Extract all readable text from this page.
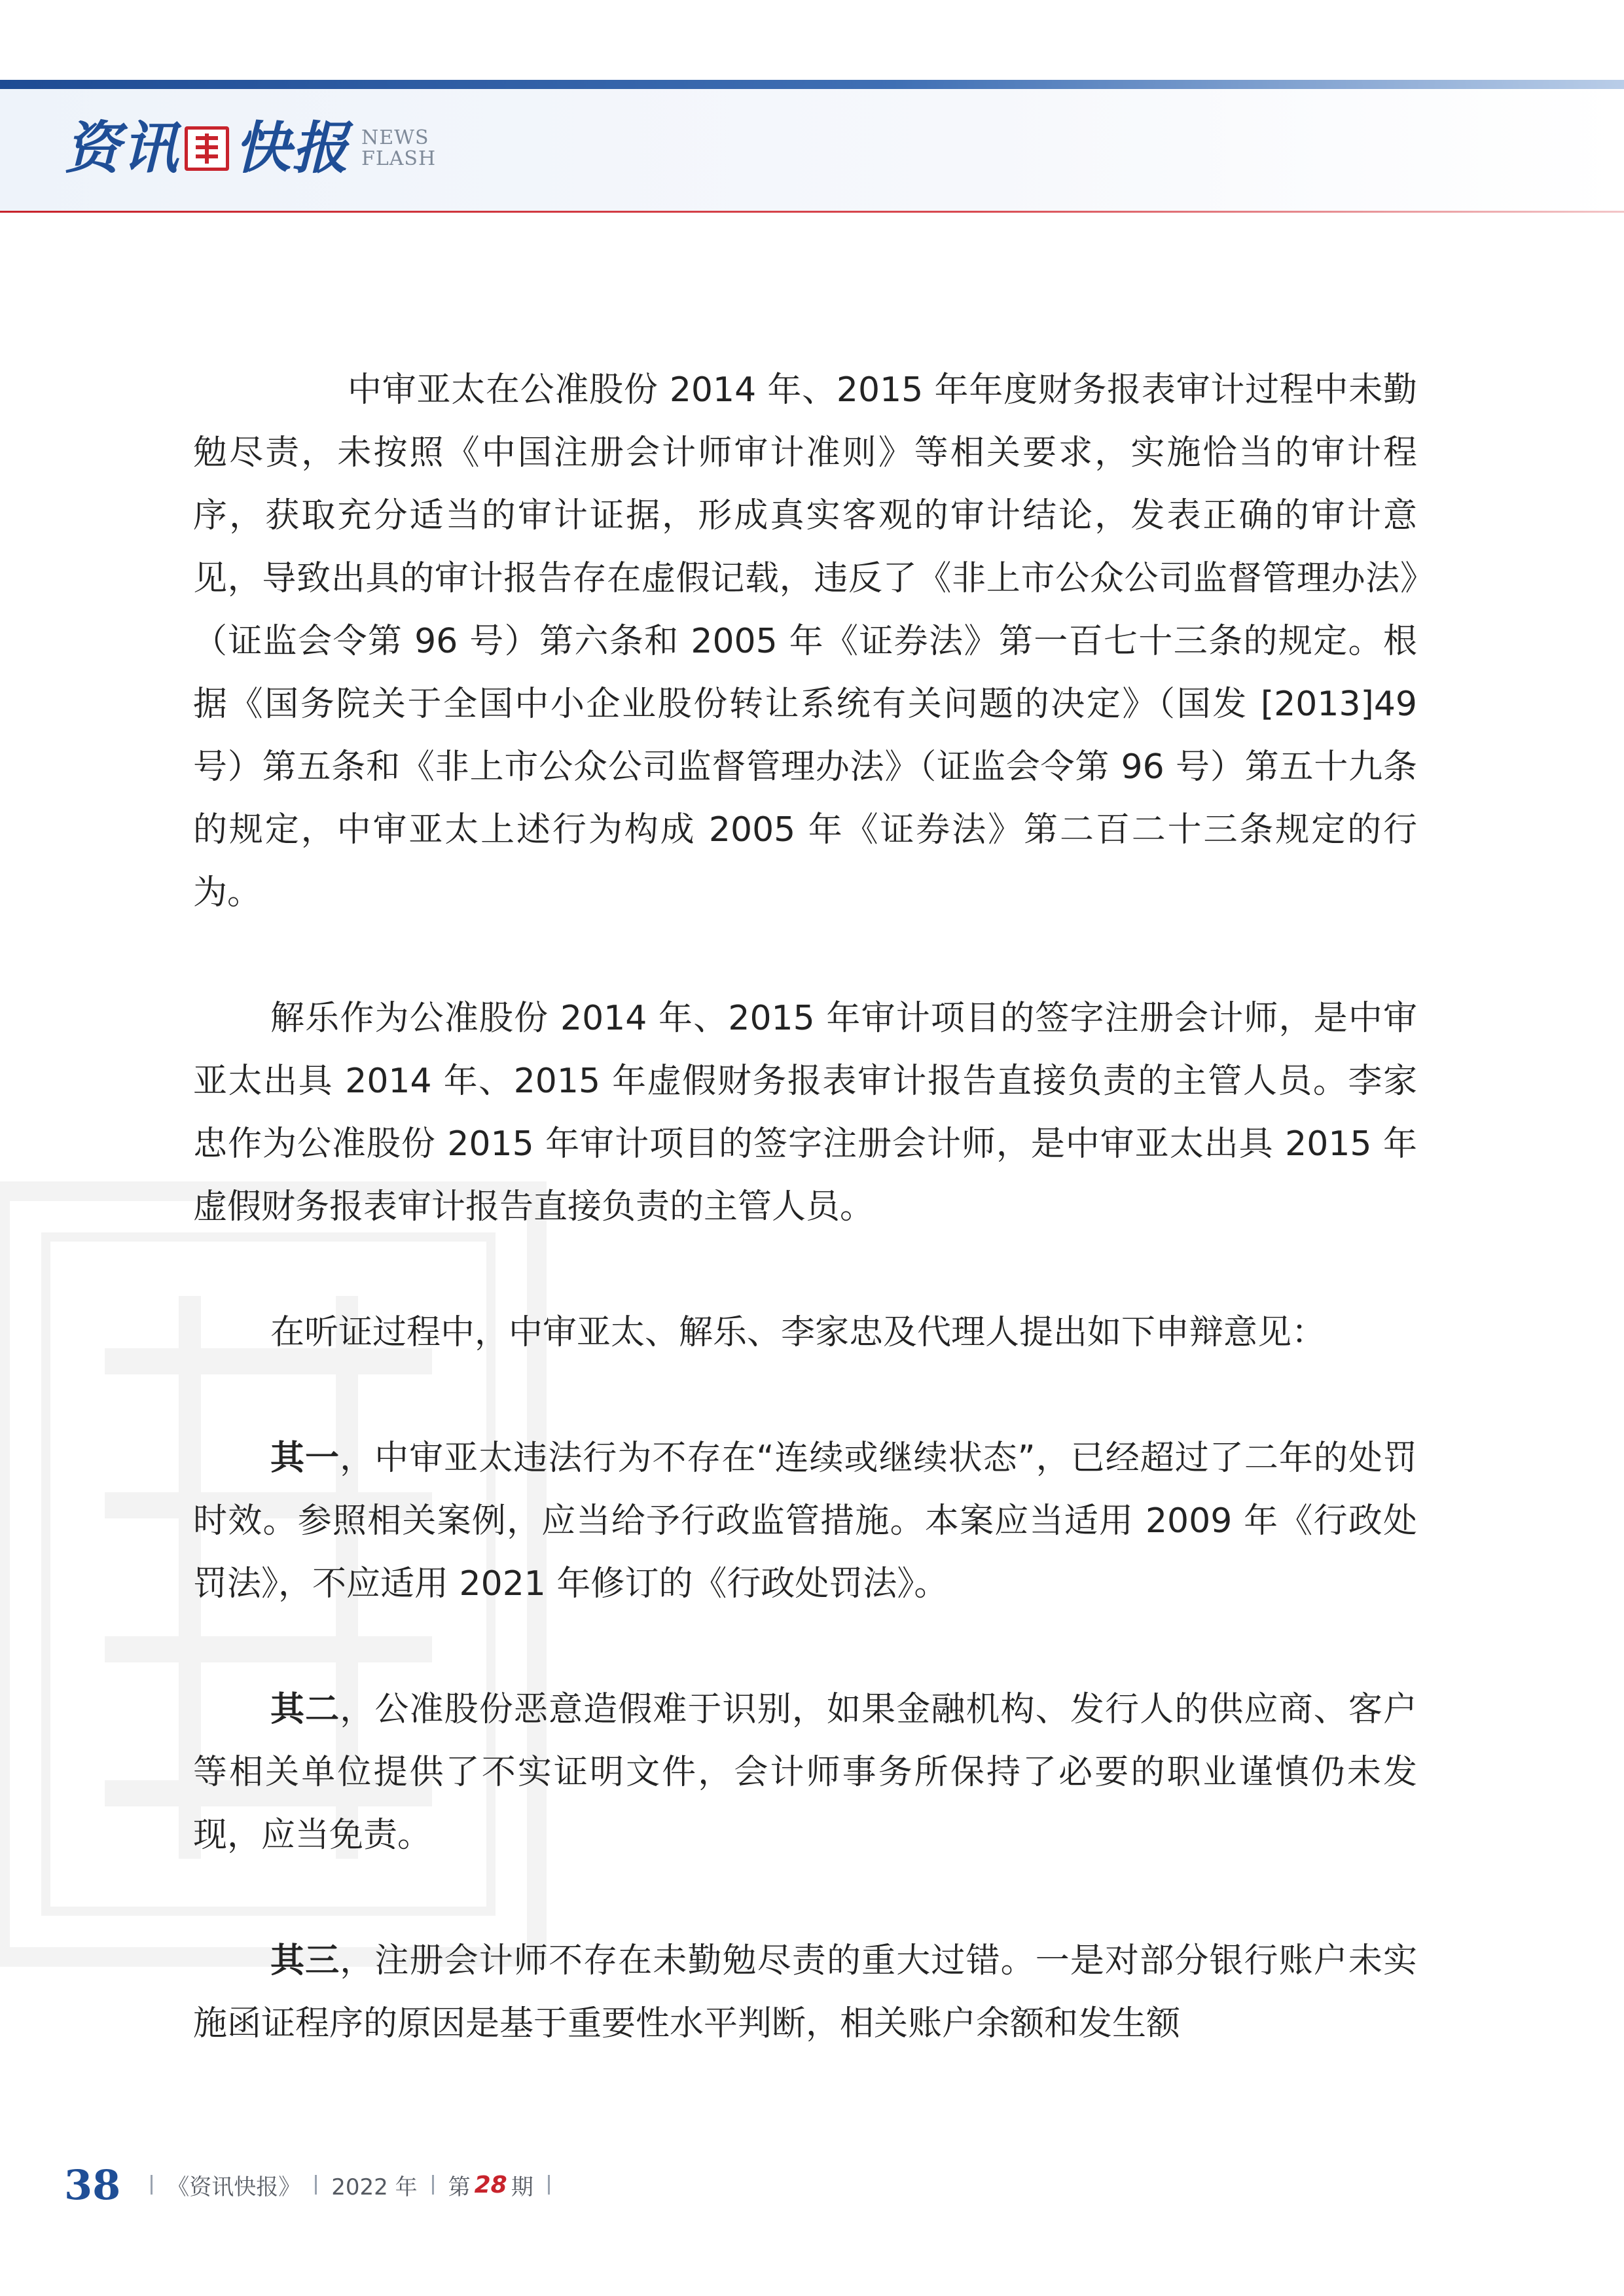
资讯 快报 NEWS
FLASH

中审亚太在公准股份 2014 年、2015 年年度财务报表审计过程中未勤勉尽责，未按照《中国注册会计师审计准则》等相关要求，实施恰当的审计程序，获取充分适当的审计证据，形成真实客观的审计结论，发表正确的审计意见，导致出具的审计报告存在虚假记载，违反了《非上市公众公司监督管理办法》（证监会令第 96 号）第六条和 2005 年《证券法》第一百七十三条的规定。根据《国务院关于全国中小企业股份转让系统有关问题的决定》（国发 [2013]49 号）第五条和《非上市公众公司监督管理办法》（证监会令第 96 号）第五十九条的规定，中审亚太上述行为构成 2005 年《证券法》第二百二十三条规定的行为。

解乐作为公准股份 2014 年、2015 年审计项目的签字注册会计师，是中审亚太出具 2014 年、2015 年虚假财务报表审计报告直接负责的主管人员。李家忠作为公准股份 2015 年审计项目的签字注册会计师，是中审亚太出具 2015 年虚假财务报表审计报告直接负责的主管人员。

在听证过程中，中审亚太、解乐、李家忠及代理人提出如下申辩意见：

其一，中审亚太违法行为不存在“连续或继续状态”，已经超过了二年的处罚时效。参照相关案例，应当给予行政监管措施。本案应当适用 2009 年《行政处罚法》，不应适用 2021 年修订的《行政处罚法》。

其二，公准股份恶意造假难于识别，如果金融机构、发行人的供应商、客户等相关单位提供了不实证明文件，会计师事务所保持了必要的职业谨慎仍未发现，应当免责。

其三，注册会计师不存在未勤勉尽责的重大过错。一是对部分银行账户未实施函证程序的原因是基于重要性水平判断，相关账户余额和发生额

38 《资讯快报》 2022 年 第 28 期
